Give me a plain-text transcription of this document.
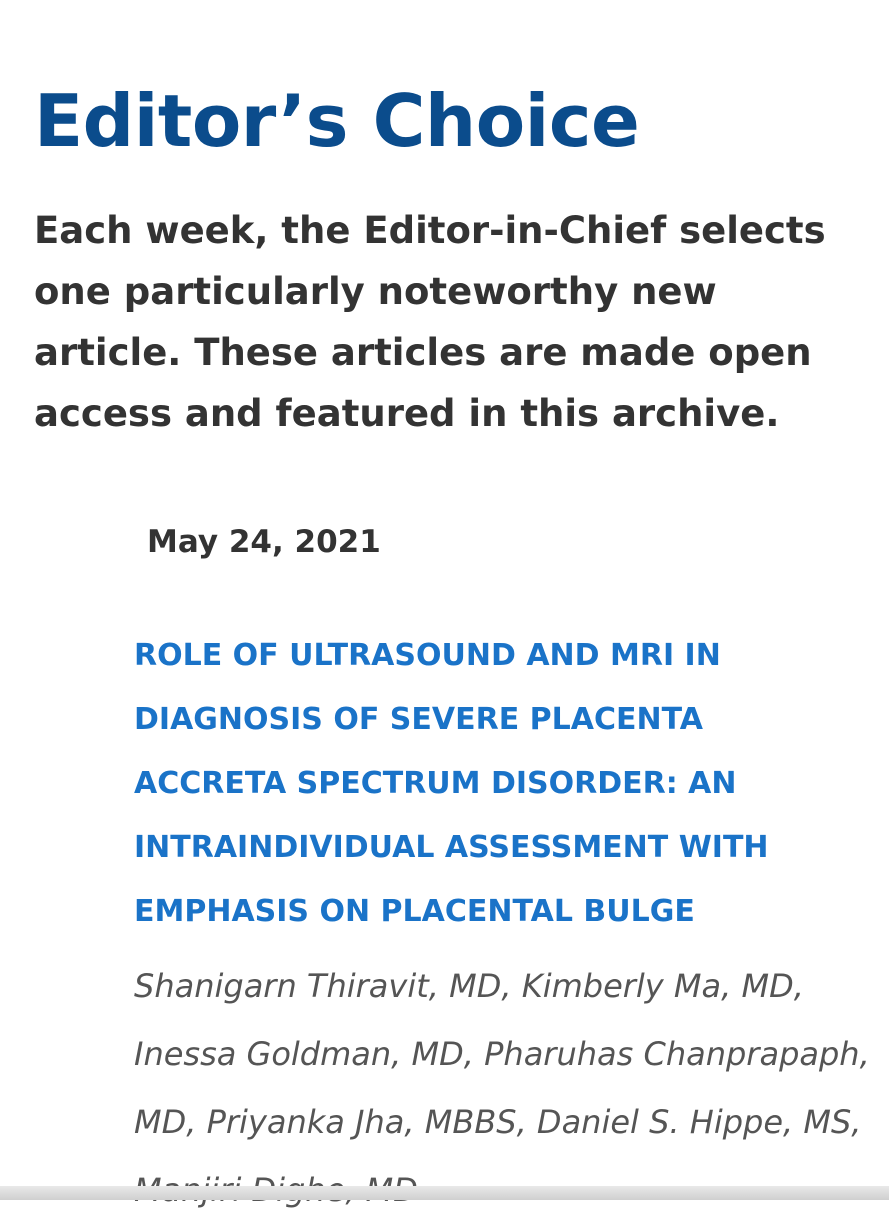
Editor’s Choice

Each week, the Editor-in-Chief selects one particularly noteworthy new article. These articles are made open access and featured in this archive.

May 24, 2021
ROLE OF ULTRASOUND AND MRI IN DIAGNOSIS OF SEVERE PLACENTA ACCRETA SPECTRUM DISORDER: AN INTRAINDIVIDUAL ASSESSMENT WITH EMPHASIS ON PLACENTAL BULGE

Shanigarn Thiravit, MD, Kimberly Ma, MD, Inessa Goldman, MD, Pharuhas Chanprapaph, MD, Priyanka Jha, MBBS, Daniel S. Hippe, MS,
